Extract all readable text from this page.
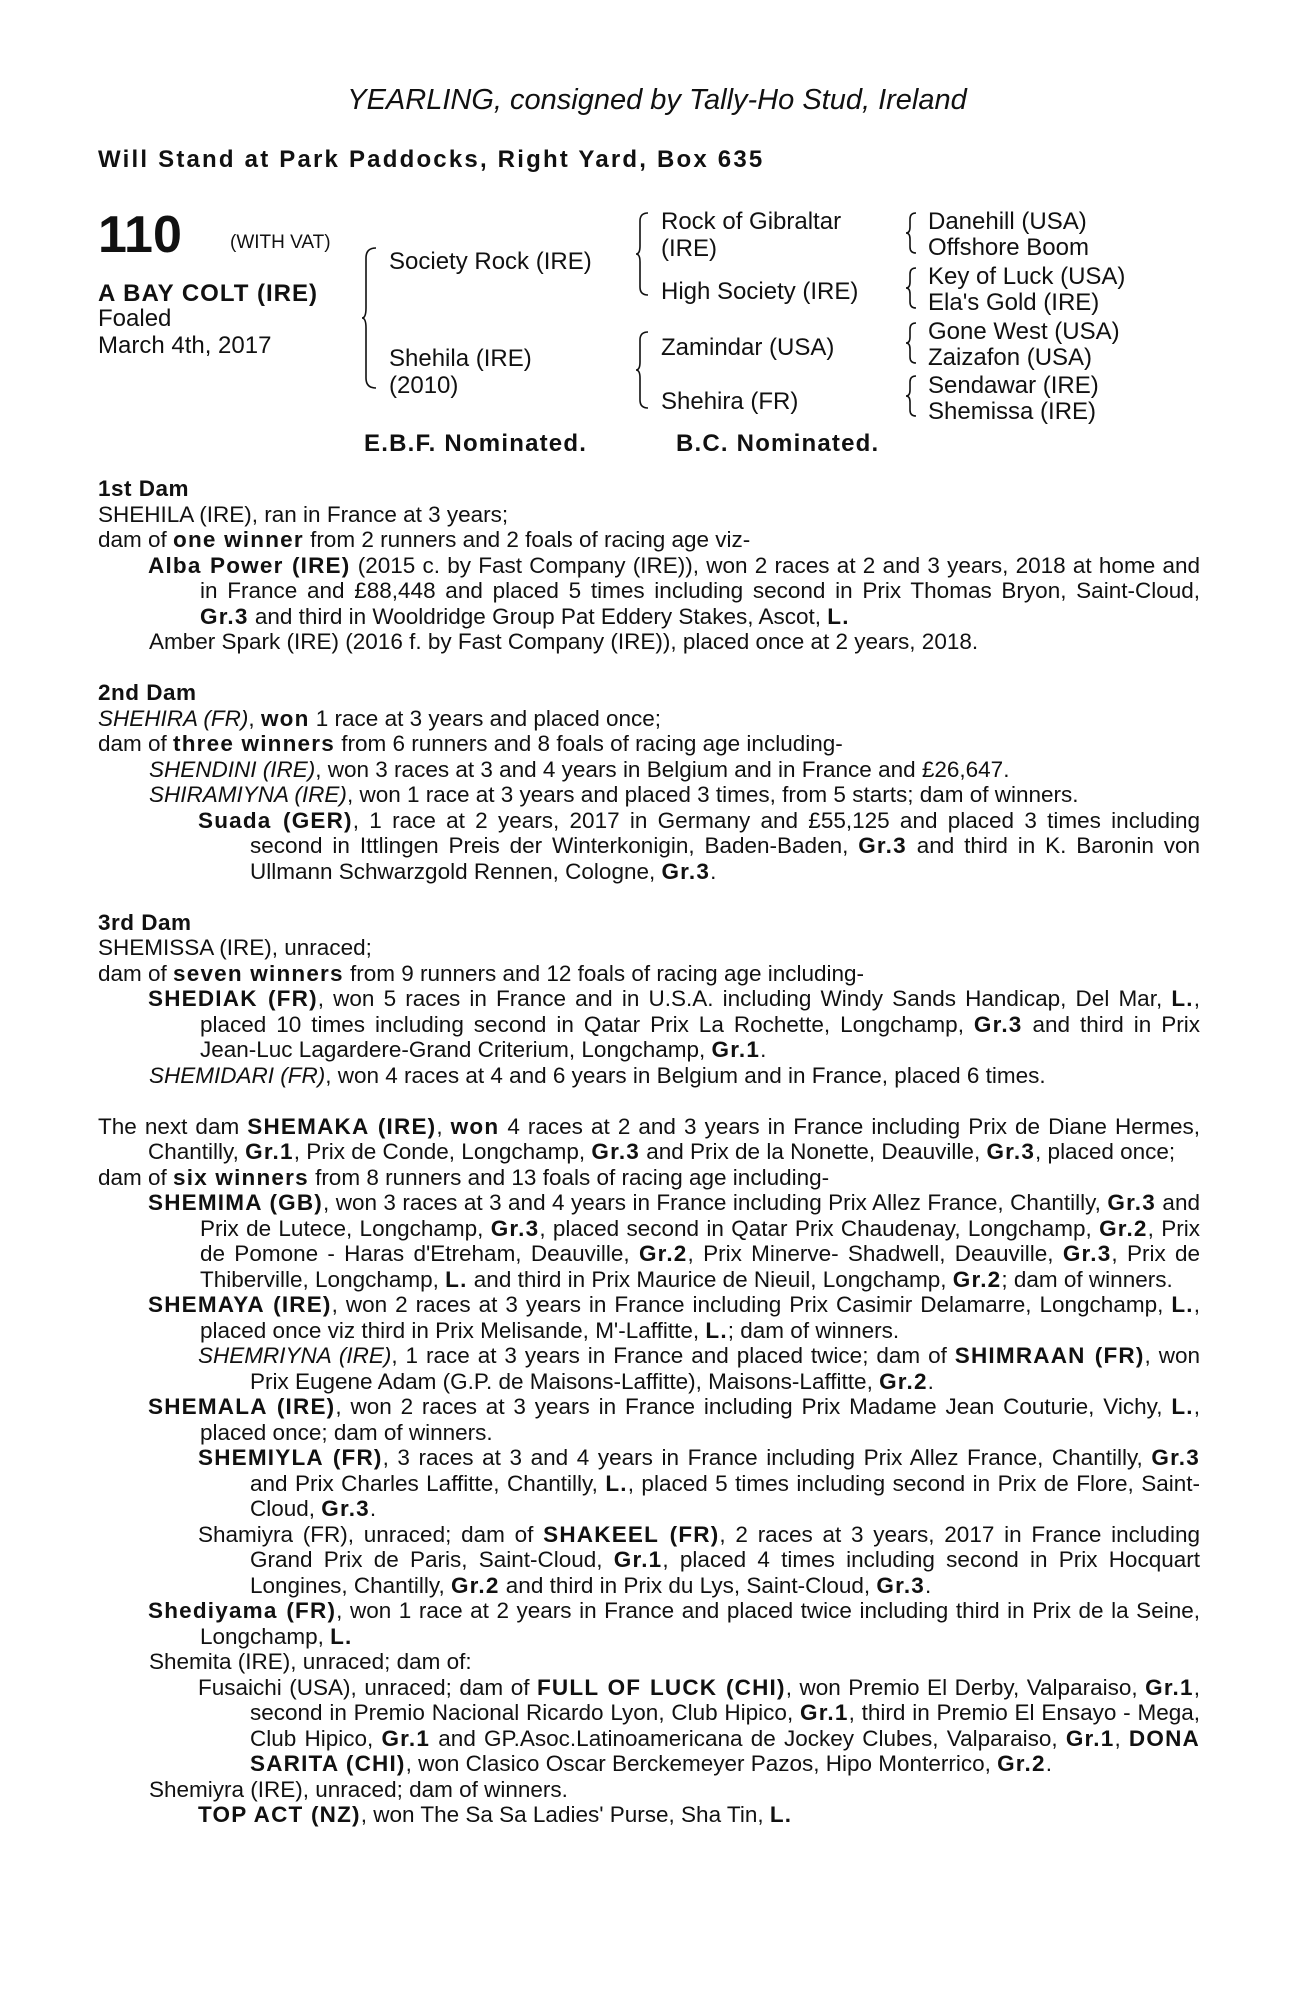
YEARLING, consigned by Tally-Ho Stud, Ireland
Will Stand at Park Paddocks, Right Yard, Box 635
110	(WITH VAT)
A BAY COLT (IRE)
Foaled
March 4th, 2017
Society Rock (IRE)
Shehila (IRE)
(2010)
Rock of Gibraltar
(IRE)
High Society (IRE)
Zamindar (USA)
Shehira (FR)
Danehill (USA)
Offshore Boom
Key of Luck (USA)
Ela's Gold (IRE)
Gone West (USA)
Zaizafon (USA)
Sendawar (IRE)
Shemissa (IRE)
E.B.F. Nominated.	B.C. Nominated.

1st Dam

SHEHILA (IRE), ran in France at 3 years;

dam of one winner from 2 runners and 2 foals of racing age viz-

Alba Power (IRE) (2015 c. by Fast Company (IRE)), won 2 races at 2 and 3 years, 2018 at home and in France and £88,448 and placed 5 times including second in Prix Thomas Bryon, Saint-Cloud, Gr.3 and third in Wooldridge Group Pat Eddery Stakes, Ascot, L.

Amber Spark (IRE) (2016 f. by Fast Company (IRE)), placed once at 2 years, 2018.

2nd Dam

SHEHIRA (FR), won 1 race at 3 years and placed once;

dam of three winners from 6 runners and 8 foals of racing age including-

SHENDINI (IRE), won 3 races at 3 and 4 years in Belgium and in France and £26,647.

SHIRAMIYNA (IRE), won 1 race at 3 years and placed 3 times, from 5 starts; dam of winners.

Suada (GER), 1 race at 2 years, 2017 in Germany and £55,125 and placed 3 times including second in Ittlingen Preis der Winterkonigin, Baden-Baden, Gr.3 and third in K. Baronin von Ullmann Schwarzgold Rennen, Cologne, Gr.3.

3rd Dam

SHEMISSA (IRE), unraced;

dam of seven winners from 9 runners and 12 foals of racing age including-

SHEDIAK (FR), won 5 races in France and in U.S.A. including Windy Sands Handicap, Del Mar, L., placed 10 times including second in Qatar Prix La Rochette, Longchamp, Gr.3 and third in Prix Jean-Luc Lagardere-Grand Criterium, Longchamp, Gr.1.

SHEMIDARI (FR), won 4 races at 4 and 6 years in Belgium and in France, placed 6 times.

The next dam SHEMAKA (IRE), won 4 races at 2 and 3 years in France including Prix de Diane Hermes, Chantilly, Gr.1, Prix de Conde, Longchamp, Gr.3 and Prix de la Nonette, Deauville, Gr.3, placed once;

dam of six winners from 8 runners and 13 foals of racing age including-

SHEMIMA (GB), won 3 races at 3 and 4 years in France including Prix Allez France, Chantilly, Gr.3 and Prix de Lutece, Longchamp, Gr.3, placed second in Qatar Prix Chaudenay, Longchamp, Gr.2, Prix de Pomone - Haras d'Etreham, Deauville, Gr.2, Prix Minerve- Shadwell, Deauville, Gr.3, Prix de Thiberville, Longchamp, L. and third in Prix Maurice de Nieuil, Longchamp, Gr.2; dam of winners.

SHEMAYA (IRE), won 2 races at 3 years in France including Prix Casimir Delamarre, Longchamp, L., placed once viz third in Prix Melisande, M'-Laffitte, L.; dam of winners.

SHEMRIYNA (IRE), 1 race at 3 years in France and placed twice; dam of SHIMRAAN (FR), won Prix Eugene Adam (G.P. de Maisons-Laffitte), Maisons-Laffitte, Gr.2.

SHEMALA (IRE), won 2 races at 3 years in France including Prix Madame Jean Couturie, Vichy, L., placed once; dam of winners.

SHEMIYLA (FR), 3 races at 3 and 4 years in France including Prix Allez France, Chantilly, Gr.3 and Prix Charles Laffitte, Chantilly, L., placed 5 times including second in Prix de Flore, Saint-Cloud, Gr.3.

Shamiyra (FR), unraced; dam of SHAKEEL (FR), 2 races at 3 years, 2017 in France including Grand Prix de Paris, Saint-Cloud, Gr.1, placed 4 times including second in Prix Hocquart Longines, Chantilly, Gr.2 and third in Prix du Lys, Saint-Cloud, Gr.3.

Shediyama (FR), won 1 race at 2 years in France and placed twice including third in Prix de la Seine, Longchamp, L.

Shemita (IRE), unraced; dam of:

Fusaichi (USA), unraced; dam of FULL OF LUCK (CHI), won Premio El Derby, Valparaiso, Gr.1, second in Premio Nacional Ricardo Lyon, Club Hipico, Gr.1, third in Premio El Ensayo - Mega, Club Hipico, Gr.1 and GP.Asoc.Latinoamericana de Jockey Clubes, Valparaiso, Gr.1, DONA SARITA (CHI), won Clasico Oscar Berckemeyer Pazos, Hipo Monterrico, Gr.2.

Shemiyra (IRE), unraced; dam of winners.

TOP ACT (NZ), won The Sa Sa Ladies' Purse, Sha Tin, L.
